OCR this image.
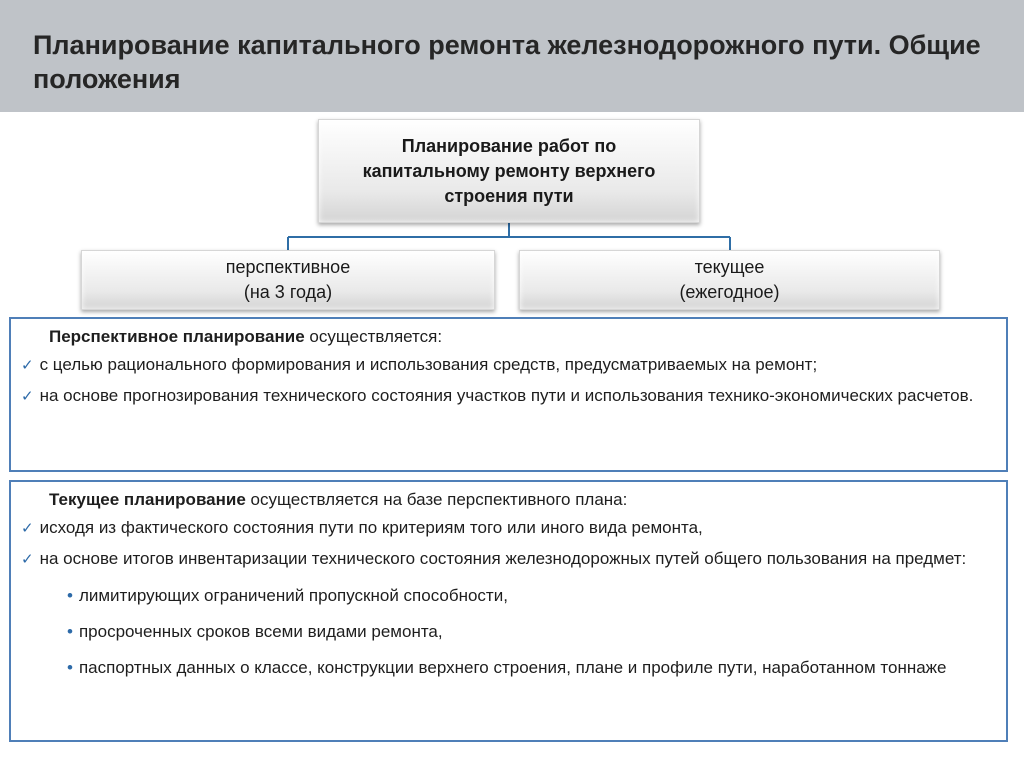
Планирование капитального ремонта железнодорожного пути. Общие положения
Планирование работ по капитальному ремонту верхнего строения пути
перспективное
(на 3 года)
текущее
(ежегодное)
Перспективное планирование осуществляется:
✓ с целью рационального формирования и использования средств, предусматриваемых на ремонт;
✓ на основе прогнозирования технического состояния участков пути и использования технико-экономических расчетов.
Текущее планирование осуществляется на базе перспективного плана:
✓ исходя из фактического состояния пути по критериям того или иного вида ремонта,
✓ на основе итогов инвентаризации технического состояния железнодорожных путей общего пользования на предмет:
• лимитирующих ограничений пропускной способности,
• просроченных сроков всеми видами ремонта,
• паспортных данных о классе, конструкции верхнего строения, плане и профиле пути, наработанном тоннаже
